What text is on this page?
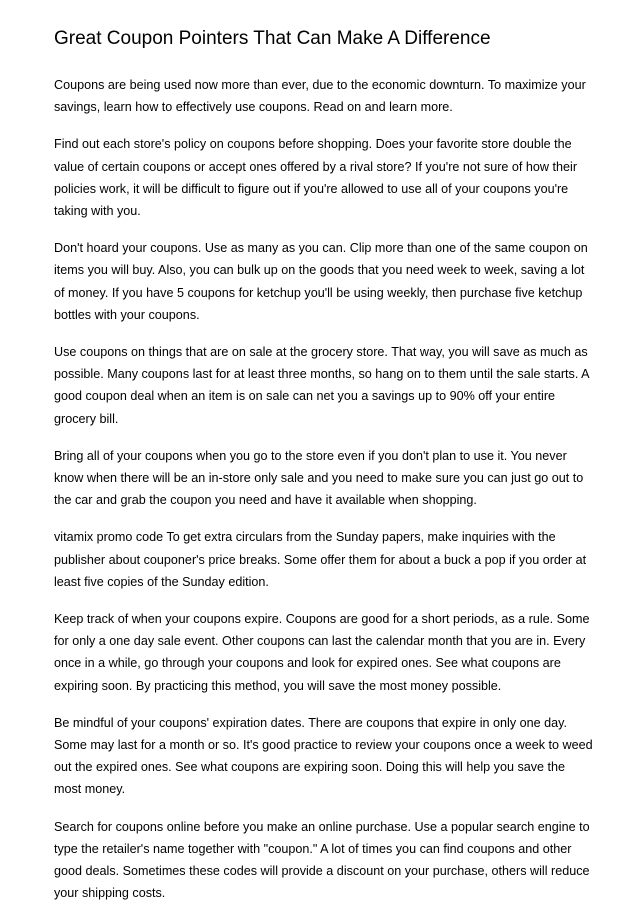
Great Coupon Pointers That Can Make A Difference

Coupons are being used now more than ever, due to the economic downturn. To maximize your savings, learn how to effectively use coupons. Read on and learn more.

Find out each store's policy on coupons before shopping. Does your favorite store double the value of certain coupons or accept ones offered by a rival store? If you're not sure of how their policies work, it will be difficult to figure out if you're allowed to use all of your coupons you're taking with you.

Don't hoard your coupons. Use as many as you can. Clip more than one of the same coupon on items you will buy. Also, you can bulk up on the goods that you need week to week, saving a lot of money. If you have 5 coupons for ketchup you'll be using weekly, then purchase five ketchup bottles with your coupons.

Use coupons on things that are on sale at the grocery store. That way, you will save as much as possible. Many coupons last for at least three months, so hang on to them until the sale starts. A good coupon deal when an item is on sale can net you a savings up to 90% off your entire grocery bill.

Bring all of your coupons when you go to the store even if you don't plan to use it. You never know when there will be an in-store only sale and you need to make sure you can just go out to the car and grab the coupon you need and have it available when shopping.

vitamix promo code To get extra circulars from the Sunday papers, make inquiries with the publisher about couponer's price breaks. Some offer them for about a buck a pop if you order at least five copies of the Sunday edition.

Keep track of when your coupons expire. Coupons are good for a short periods, as a rule. Some for only a one day sale event. Other coupons can last the calendar month that you are in. Every once in a while, go through your coupons and look for expired ones. See what coupons are expiring soon. By practicing this method, you will save the most money possible.

Be mindful of your coupons' expiration dates. There are coupons that expire in only one day. Some may last for a month or so. It's good practice to review your coupons once a week to weed out the expired ones. See what coupons are expiring soon. Doing this will help you save the most money.

Search for coupons online before you make an online purchase. Use a popular search engine to type the retailer's name together with "coupon." A lot of times you can find coupons and other good deals. Sometimes these codes will provide a discount on your purchase, others will reduce your shipping costs.
